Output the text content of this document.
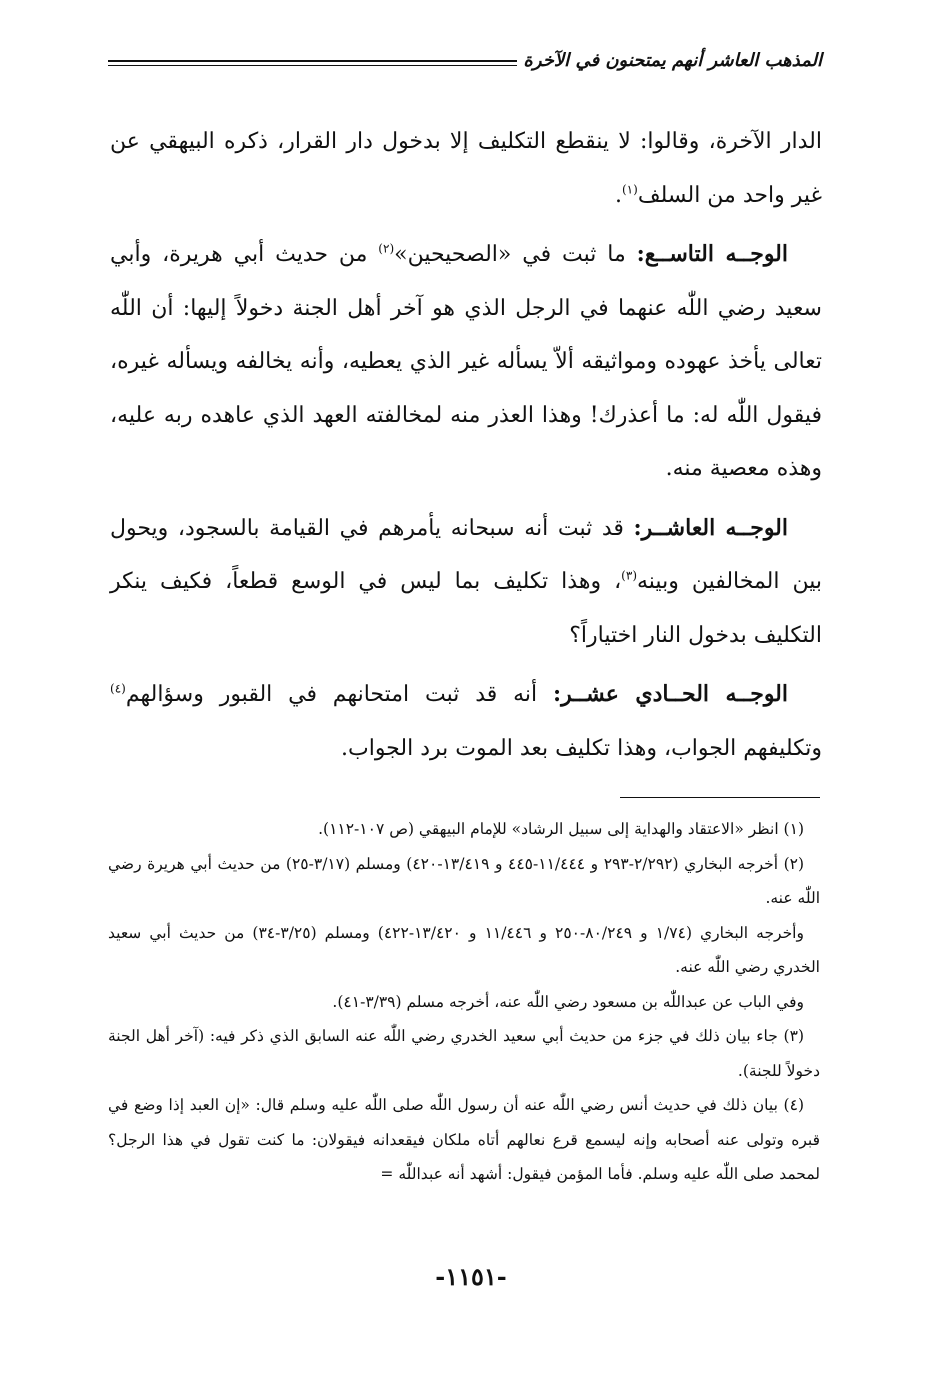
المذهب العاشر أنهم يمتحنون في الآخرة

الدار الآخرة، وقالوا: لا ينقطع التكليف إلا بدخول دار القرار، ذكره البيهقي عن غير واحد من السلف$^{(١)}$.

الوجــه التاســع: ما ثبت في «الصحيحين»$^{(٢)}$ من حديث أبي هريرة، وأبي سعيد رضي اللّٰه عنهما في الرجل الذي هو آخر أهل الجنة دخولاً إليها: أن اللّٰه تعالى يأخذ عهوده ومواثيقه ألاّ يسأله غير الذي يعطيه، وأنه يخالفه ويسأله غيره، فيقول اللّٰه له: ما أعذرك! وهذا العذر منه لمخالفته العهد الذي عاهده ربه عليه، وهذه معصية منه.

الوجــه العاشــر: قد ثبت أنه سبحانه يأمرهم في القيامة بالسجود، ويحول بين المخالفين وبينه$^{(٣)}$، وهذا تكليف بما ليس في الوسع قطعاً، فكيف ينكر التكليف بدخول النار اختياراً؟

الوجــه الحــادي عشــر: أنه قد ثبت امتحانهم في القبور وسؤالهم$^{(٤)}$ وتكليفهم الجواب، وهذا تكليف بعد الموت برد الجواب.

(١) انظر «الاعتقاد والهداية إلى سبيل الرشاد» للإمام البيهقي (ص ١٠٧-١١٢).

(٢) أخرجه البخاري (٢/٢٩٢-٢٩٣ و ١١/٤٤٤-٤٤٥ و ١٣/٤١٩-٤٢٠) ومسلم (٣/١٧-٢٥) من حديث أبي هريرة رضي اللّٰه عنه.

وأخرجه البخاري (١/٧٤ و ٨٠/٢٤٩-٢٥٠ و ١١/٤٤٦ و ١٣/٤٢٠-٤٢٢) ومسلم (٣/٢٥-٣٤) من حديث أبي سعيد الخدري رضي اللّٰه عنه.

وفي الباب عن عبداللّٰه بن مسعود رضي اللّٰه عنه، أخرجه مسلم (٣/٣٩-٤١).

(٣) جاء بيان ذلك في جزء من حديث أبي سعيد الخدري رضي اللّٰه عنه السابق الذي ذكر فيه: (آخر أهل الجنة دخولاً للجنة).

(٤) بيان ذلك في حديث أنس رضي اللّٰه عنه أن رسول اللّٰه صلى اللّٰه عليه وسلم قال: «إن العبد إذا وضع في قبره وتولى عنه أصحابه وإنه ليسمع قرع نعالهم أتاه ملكان فيقعدانه فيقولان: ما كنت تقول في هذا الرجل؟ لمحمد صلى اللّٰه عليه وسلم. فأما المؤمن فيقول: أشهد أنه عبداللّٰه =

-١١٥١-
